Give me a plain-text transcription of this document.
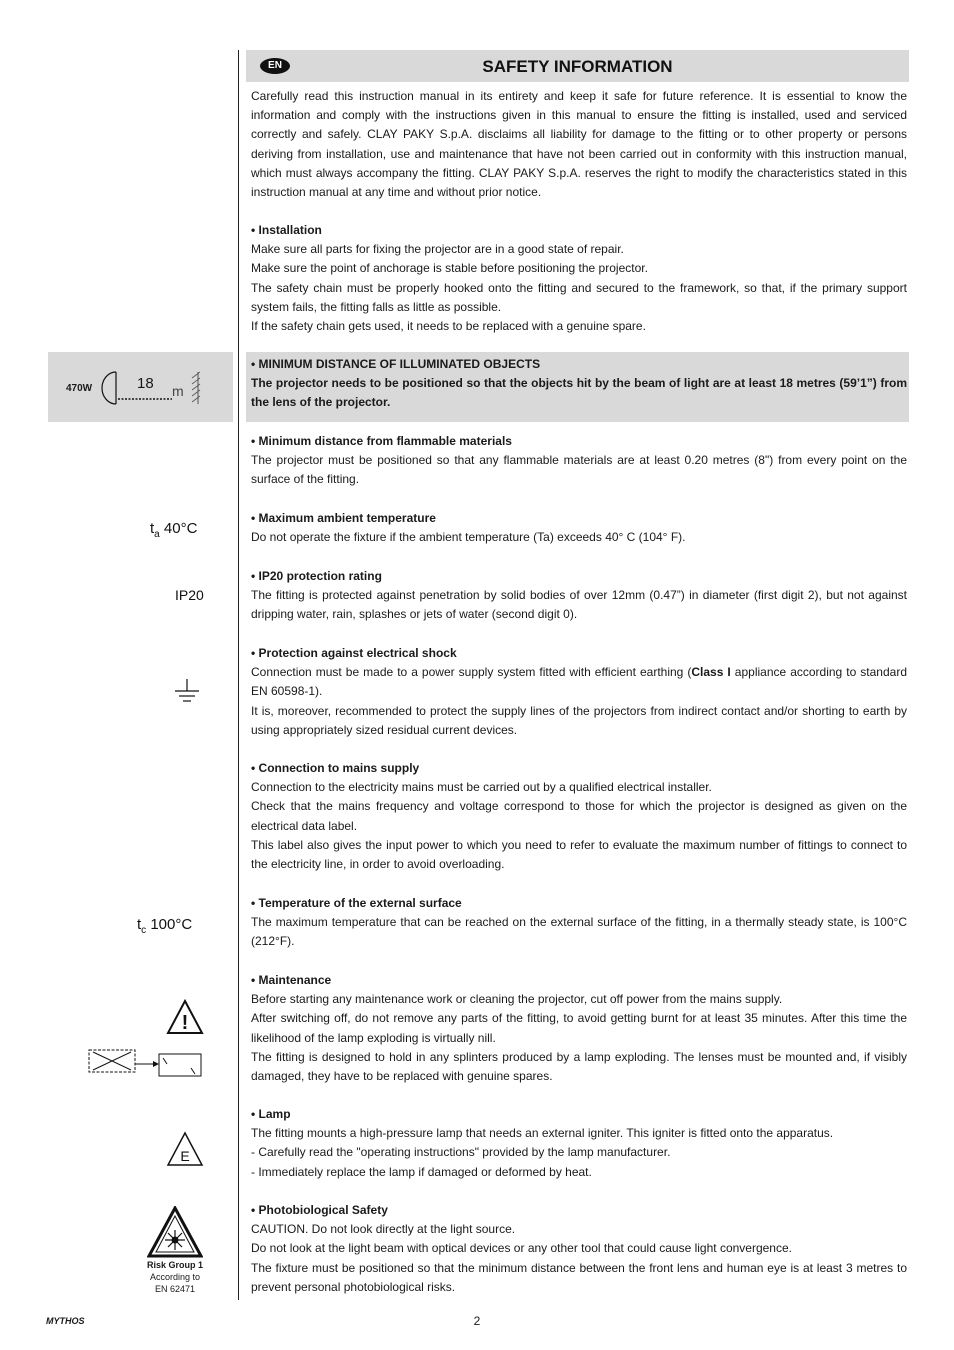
EN	SAFETY INFORMATION

Carefully read this instruction manual in its entirety and keep it safe for future reference. It is essential to know the information and comply with the instructions given in this manual to ensure the fitting is installed, used and serviced correctly and safely. CLAY PAKY S.p.A. disclaims all liability for damage to the fitting or to other property or persons deriving from installation, use and maintenance that have not been carried out in conformity with this instruction manual, which must always accompany the fitting. CLAY PAKY S.p.A. reserves the right to modify the characteristics stated in this instruction manual at any time and without prior notice.

• Installation
Make sure all parts for fixing the projector are in a good state of repair.
Make sure the point of anchorage is stable before positioning the projector.
The safety chain must be properly hooked onto the fitting and secured to the framework, so that, if the primary support system fails, the fitting falls as little as possible.
If the safety chain gets used, it needs to be replaced with a genuine spare.

470W	18 m

• MINIMUM DISTANCE OF ILLUMINATED OBJECTS
The projector needs to be positioned so that the objects hit by the beam of light are at least 18 metres (59’1”) from the lens of the projector.

• Minimum distance from flammable materials
The projector must be positioned so that any flammable materials are at least 0.20 metres (8") from every point on the surface of the fitting.

$t_a$ 40°C

• Maximum ambient temperature
Do not operate the fixture if the ambient temperature (Ta) exceeds 40° C (104° F).

IP20

• IP20 protection rating
The fitting is protected against penetration by solid bodies of over 12mm (0.47”) in diameter (first digit 2), but not against dripping water, rain, splashes or jets of water (second digit 0).

• Protection against electrical shock
Connection must be made to a power supply system fitted with efficient earthing (Class I appliance according to standard EN 60598-1).
It is, moreover, recommended to protect the supply lines of the projectors from indirect contact and/or shorting to earth by using appropriately sized residual current devices.

• Connection to mains supply
Connection to the electricity mains must be carried out by a qualified electrical installer.
Check that the mains frequency and voltage correspond to those for which the projector is designed as given on the electrical data label.
This label also gives the input power to which you need to refer to evaluate the maximum number of fittings to connect to the electricity line, in order to avoid overloading.

$t_c$ 100°C

• Temperature of the external surface
The maximum temperature that can be reached on the external surface of the fitting, in a thermally steady state, is 100°C (212°F).

!

• Maintenance
Before starting any maintenance work or cleaning the projector, cut off power from the mains supply.
After switching off, do not remove any parts of the fitting, to avoid getting burnt for at least 35 minutes. After this time the likelihood of the lamp exploding is virtually nill.
The fitting is designed to hold in any splinters produced by a lamp exploding. The lenses must be mounted and, if visibly damaged, they have to be replaced with genuine spares.

E

• Lamp
The fitting mounts a high-pressure lamp that needs an external igniter. This igniter is fitted onto the apparatus.
- Carefully read the "operating instructions" provided by the lamp manufacturer.
- Immediately replace the lamp if damaged or deformed by heat.

Risk Group 1
According to
EN 62471

• Photobiological Safety
CAUTION. Do not look directly at the light source.
Do not look at the light beam with optical devices or any other tool that could cause light convergence.
The fixture must be positioned so that the minimum distance between the front lens and human eye is at least 3 metres to prevent personal photobiological risks.

MYTHOS	2
